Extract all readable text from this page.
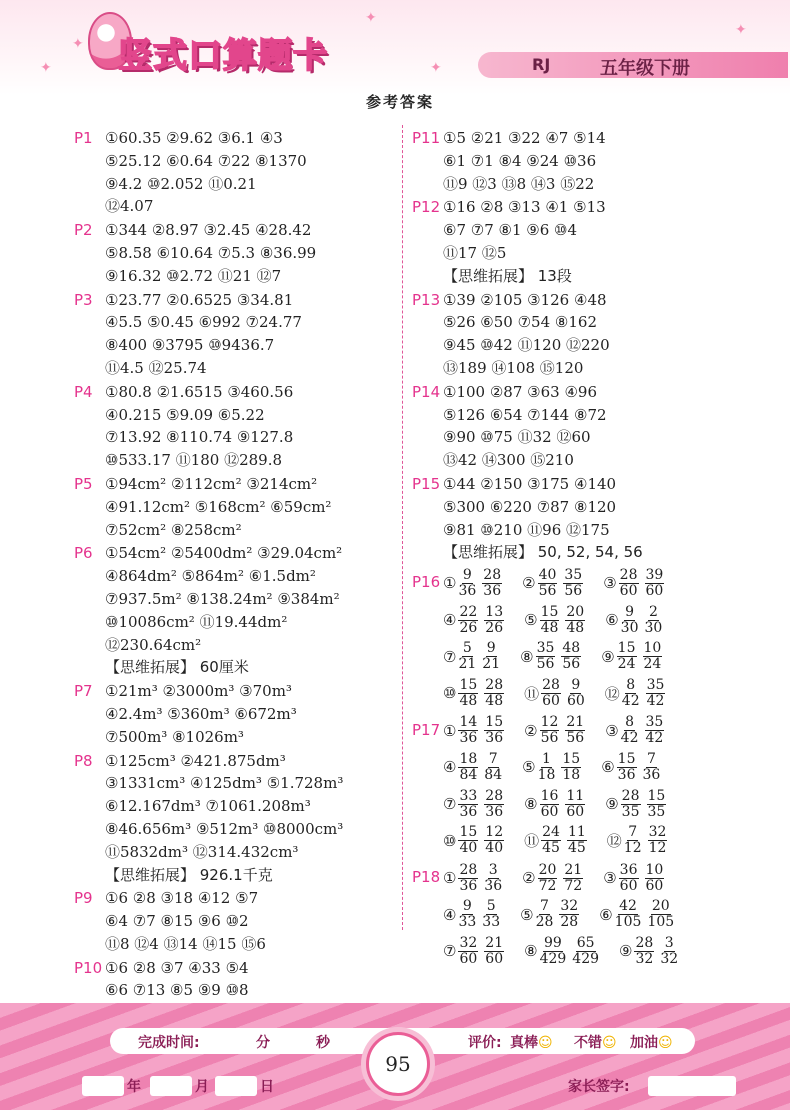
✦
✦
✦
✦
✦
竖式口算题卡	RJ	五年级下册
参考答案
P1 ①60.35 ②9.62 ③6.1 ④3
⑤25.12 ⑥0.64 ⑦22 ⑧1370
⑨4.2 ⑩2.052 ⑪0.21
⑫4.07
P2 ①344 ②8.97 ③2.45 ④28.42
⑤8.58 ⑥10.64 ⑦5.3 ⑧36.99
⑨16.32 ⑩2.72 ⑪21 ⑫7
P3 ①23.77 ②0.6525 ③34.81
④5.5 ⑤0.45 ⑥992 ⑦24.77
⑧400 ⑨3795 ⑩9436.7
⑪4.5 ⑫25.74
P4 ①80.8 ②1.6515 ③460.56
④0.215 ⑤9.09 ⑥5.22
⑦13.92 ⑧110.74 ⑨127.8
⑩533.17 ⑪180 ⑫289.8
P5 ①94cm² ②112cm² ③214cm²
④91.12cm² ⑤168cm² ⑥59cm²
⑦52cm² ⑧258cm²
P6 ①54cm² ②5400dm² ③29.04cm²
④864dm² ⑤864m² ⑥1.5dm²
⑦937.5m² ⑧138.24m² ⑨384m²
⑩10086cm² ⑪19.44dm²
⑫230.64cm²
【思维拓展】 60厘米
P7 ①21m³ ②3000m³ ③70m³
④2.4m³ ⑤360m³ ⑥672m³
⑦500m³ ⑧1026m³
P8 ①125cm³ ②421.875dm³
③1331cm³ ④125dm³ ⑤1.728m³
⑥12.167dm³ ⑦1061.208m³
⑧46.656m³ ⑨512m³ ⑩8000cm³
⑪5832dm³ ⑫314.432cm³
【思维拓展】 926.1千克
P9 ①6 ②8 ③18 ④12 ⑤7
⑥4 ⑦7 ⑧15 ⑨6 ⑩2
⑪8 ⑫4 ⑬14 ⑭15 ⑮6
P10 ①6 ②8 ③7 ④33 ⑤4
⑥6 ⑦13 ⑧5 ⑨9 ⑩8
P11 ①5 ②21 ③22 ④7 ⑤14
⑥1 ⑦1 ⑧4 ⑨24 ⑩36
⑪9 ⑫3 ⑬8 ⑭3 ⑮22
P12 ①16 ②8 ③13 ④1 ⑤13
⑥7 ⑦7 ⑧1 ⑨6 ⑩4
⑪17 ⑫5
【思维拓展】 13段
P13 ①39 ②105 ③126 ④48
⑤26 ⑥50 ⑦54 ⑧162
⑨45 ⑩42 ⑪120 ⑫220
⑬189 ⑭108 ⑮120
P14 ①100 ②87 ③63 ④96
⑤126 ⑥54 ⑦144 ⑧72
⑨90 ⑩75 ⑪32 ⑫60
⑬42 ⑭300 ⑮210
P15 ①44 ②150 ③175 ④140
⑤300 ⑥220 ⑦87 ⑧120
⑨81 ⑩210 ⑪96 ⑫175
【思维拓展】 50, 52, 54, 56
P16 ① $\frac{9}{36} \frac{28}{36}$ ② $\frac{40}{56} \frac{35}{56}$ ③ $\frac{28}{60} \frac{39}{60}$
④ $\frac{22}{26} \frac{13}{26}$ ⑤ $\frac{15}{48} \frac{20}{48}$ ⑥ $\frac{9}{30} \frac{2}{30}$
⑦ $\frac{5}{21} \frac{9}{21}$ ⑧ $\frac{35}{56} \frac{48}{56}$ ⑨ $\frac{15}{24} \frac{10}{24}$
⑩ $\frac{15}{48} \frac{28}{48}$ ⑪ $\frac{28}{60} \frac{9}{60}$ ⑫ $\frac{8}{42} \frac{35}{42}$
P17 ① $\frac{14}{36} \frac{15}{36}$ ② $\frac{12}{56} \frac{21}{56}$ ③ $\frac{8}{42} \frac{35}{42}$
④ $\frac{18}{84} \frac{7}{84}$ ⑤ $\frac{1}{18} \frac{15}{18}$ ⑥ $\frac{15}{36} \frac{7}{36}$
⑦ $\frac{33}{36} \frac{28}{36}$ ⑧ $\frac{16}{60} \frac{11}{60}$ ⑨ $\frac{28}{35} \frac{15}{35}$
⑩ $\frac{15}{40} \frac{12}{40}$ ⑪ $\frac{24}{45} \frac{11}{45}$ ⑫ $\frac{7}{12} \frac{32}{12}$
P18 ① $\frac{28}{36} \frac{3}{36}$ ② $\frac{20}{72} \frac{21}{72}$ ③ $\frac{36}{60} \frac{10}{60}$
④ $\frac{9}{33} \frac{5}{33}$ ⑤ $\frac{7}{28} \frac{32}{28}$ ⑥ $\frac{42}{105} \frac{20}{105}$
⑦ $\frac{32}{60} \frac{21}{60}$ ⑧ $\frac{99}{429} \frac{65}{429}$ ⑨ $\frac{28}{32} \frac{3}{32}$
完成时间:	分	秒	评价: 真棒☺ 不错☺ 加油☺
95
年	月	日	家长签字:
